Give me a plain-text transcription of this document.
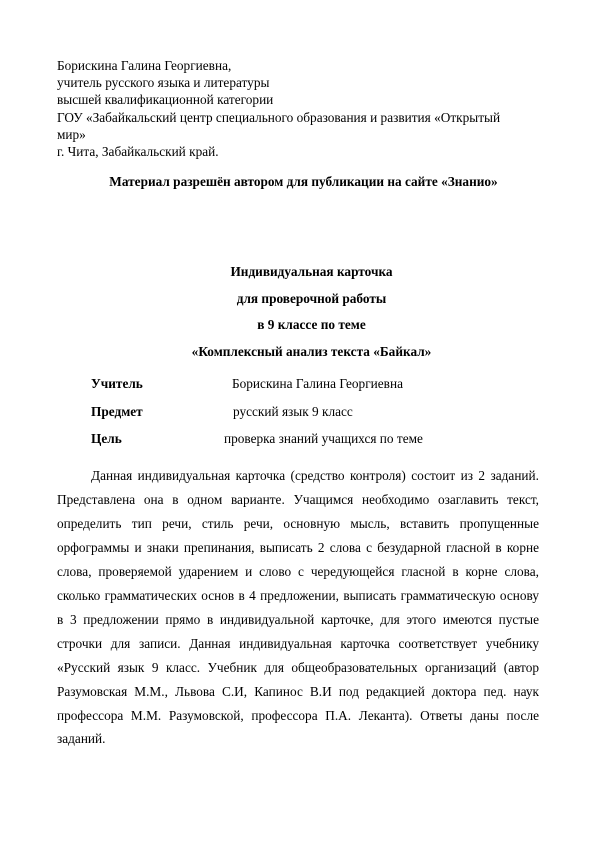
Борискина Галина Георгиевна,
учитель русского языка и литературы
высшей квалификационной категории
ГОУ «Забайкальский центр специального образования и развития «Открытый
мир»
г. Чита, Забайкальский край.
Материал разрешён автором для публикации на сайте «Знанио»
Индивидуальная карточка
для проверочной работы
в 9 классе по теме
«Комплексный анализ текста «Байкал»
Учитель	Борискина Галина Георгиевна
Предмет	русский язык 9 класс
Цель	проверка знаний учащихся по теме

Данная индивидуальная карточка (средство контроля) состоит из 2 заданий. Представлена она в одном варианте. Учащимся необходимо озаглавить текст, определить тип речи, стиль речи, основную мысль, вставить пропущенные орфограммы и знаки препинания, выписать 2 слова с безударной гласной в корне слова, проверяемой ударением и слово с чередующейся гласной в корне слова, сколько грамматических основ в 4 предложении, выписать грамматическую основу в 3 предложении прямо в индивидуальной карточке, для этого имеются пустые строчки для записи. Данная индивидуальная карточка соответствует учебнику «Русский язык 9 класс. Учебник для общеобразовательных организаций (автор Разумовская М.М., Львова С.И, Капинос В.И под редакцией доктора пед. наук профессора М.М. Разумовской, профессора П.А. Леканта). Ответы даны после заданий.
